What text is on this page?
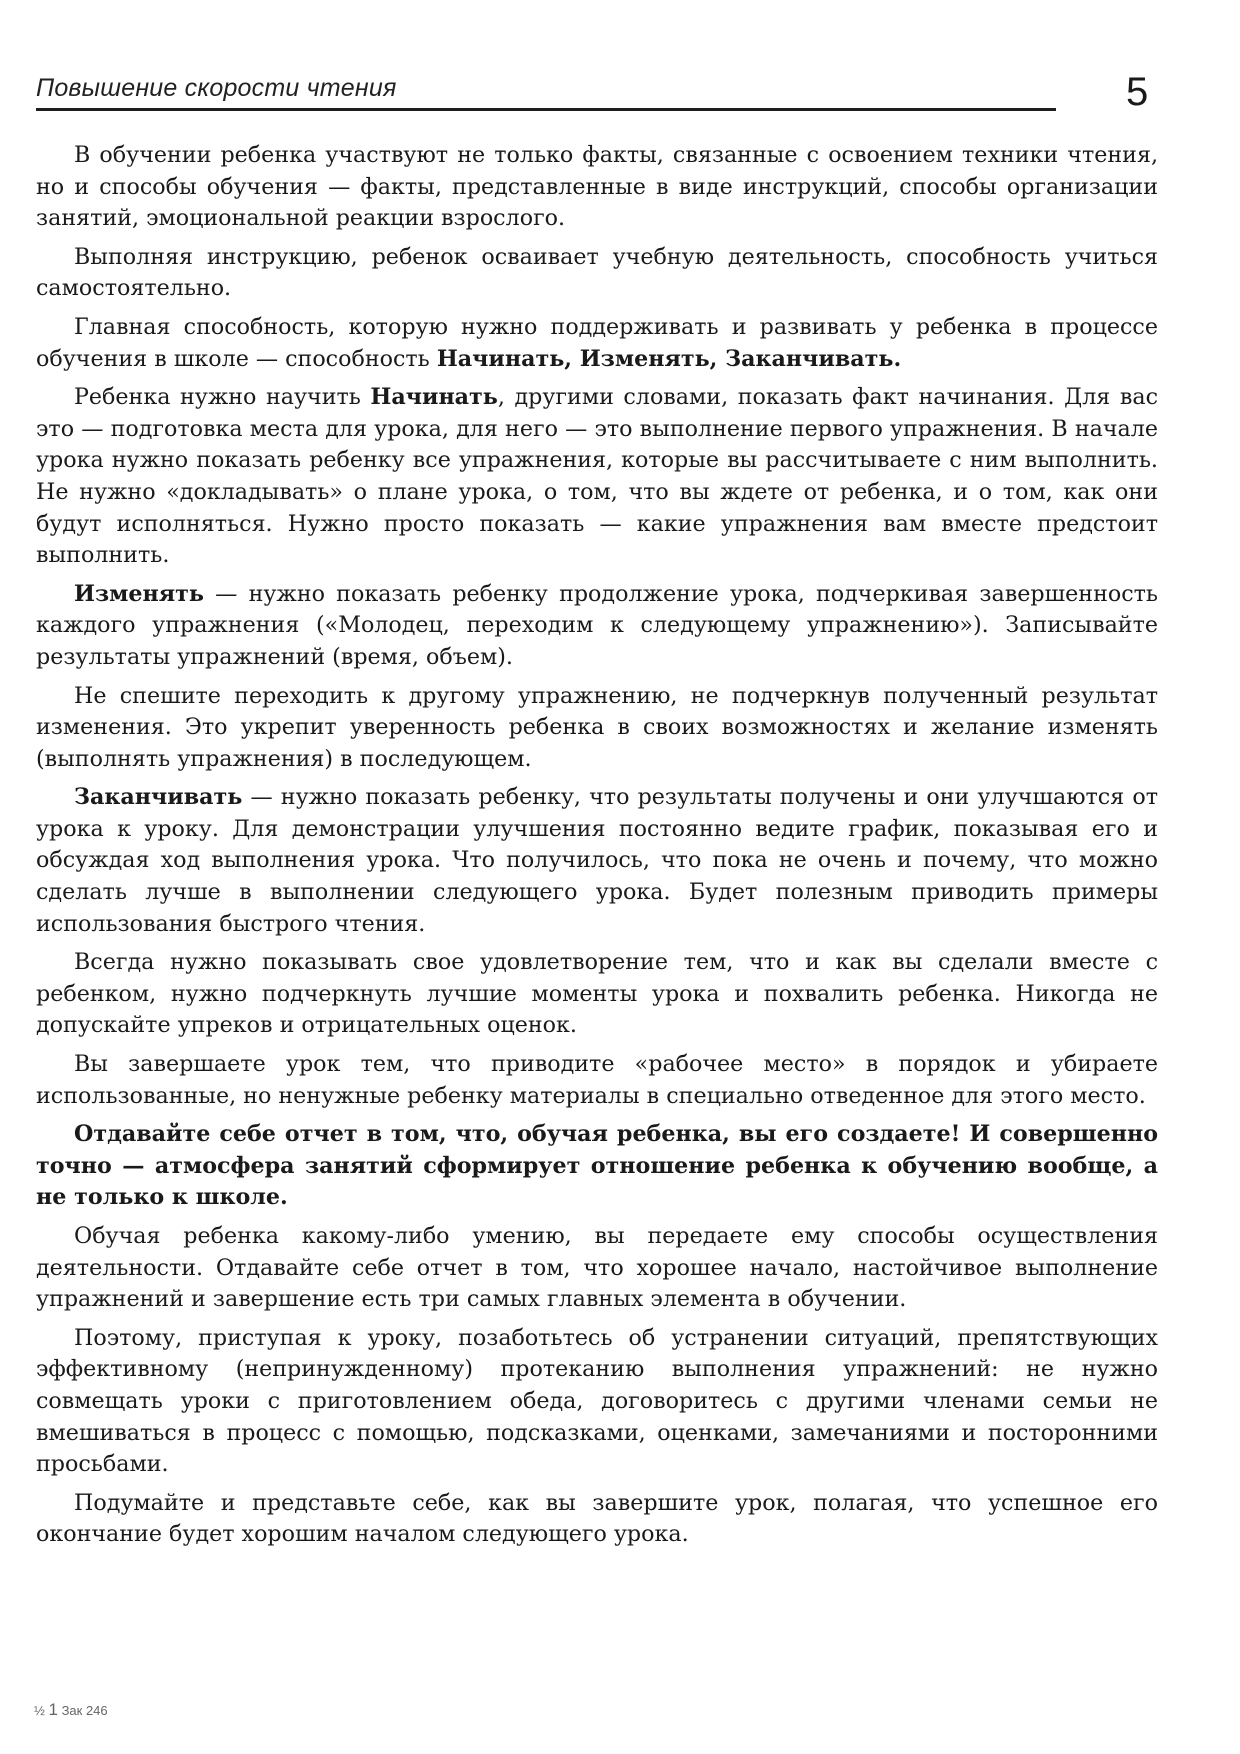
Повышение скорости чтения	5

В обучении ребенка участвуют не только факты, связанные с освоением техники чтения, но и способы обучения — факты, представленные в виде инструкций, способы организации занятий, эмоциональной реакции взрослого.

Выполняя инструкцию, ребенок осваивает учебную деятельность, способность учиться самостоятельно.

Главная способность, которую нужно поддерживать и развивать у ребенка в процессе обучения в школе — способность Начинать, Изменять, Заканчивать.

Ребенка нужно научить Начинать, другими словами, показать факт начинания. Для вас это — подготовка места для урока, для него — это выполнение первого упражнения. В начале урока нужно показать ребенку все упражнения, которые вы рассчитываете с ним выполнить. Не нужно «докладывать» о плане урока, о том, что вы ждете от ребенка, и о том, как они будут исполняться. Нужно просто показать — какие упражнения вам вместе предстоит выполнить.

Изменять — нужно показать ребенку продолжение урока, подчеркивая завершенность каждого упражнения («Молодец, переходим к следующему упражнению»). Записывайте результаты упражнений (время, объем).

Не спешите переходить к другому упражнению, не подчеркнув полученный результат изменения. Это укрепит уверенность ребенка в своих возможностях и желание изменять (выполнять упражнения) в последующем.

Заканчивать — нужно показать ребенку, что результаты получены и они улучшаются от урока к уроку. Для демонстрации улучшения постоянно ведите график, показывая его и обсуждая ход выполнения урока. Что получилось, что пока не очень и почему, что можно сделать лучше в выполнении следующего урока. Будет полезным приводить примеры использования быстрого чтения.

Всегда нужно показывать свое удовлетворение тем, что и как вы сделали вместе с ребенком, нужно подчеркнуть лучшие моменты урока и похвалить ребенка. Никогда не допускайте упреков и отрицательных оценок.

Вы завершаете урок тем, что приводите «рабочее место» в порядок и убираете использованные, но ненужные ребенку материалы в специально отведенное для этого место.

Отдавайте себе отчет в том, что, обучая ребенка, вы его создаете! И совершенно точно — атмосфера занятий сформирует отношение ребенка к обучению вообще, а не только к школе.

Обучая ребенка какому-либо умению, вы передаете ему способы осуществления деятельности. Отдавайте себе отчет в том, что хорошее начало, настойчивое выполнение упражнений и завершение есть три самых главных элемента в обучении.

Поэтому, приступая к уроку, позаботьтесь об устранении ситуаций, препятствующих эффективному (непринужденному) протеканию выполнения упражнений: не нужно совмещать уроки с приготовлением обеда, договоритесь с другими членами семьи не вмешиваться в процесс с помощью, подсказками, оценками, замечаниями и посторонними просьбами.

Подумайте и представьте себе, как вы завершите урок, полагая, что успешное его окончание будет хорошим началом следующего урока.

½ 1 Зак 246
